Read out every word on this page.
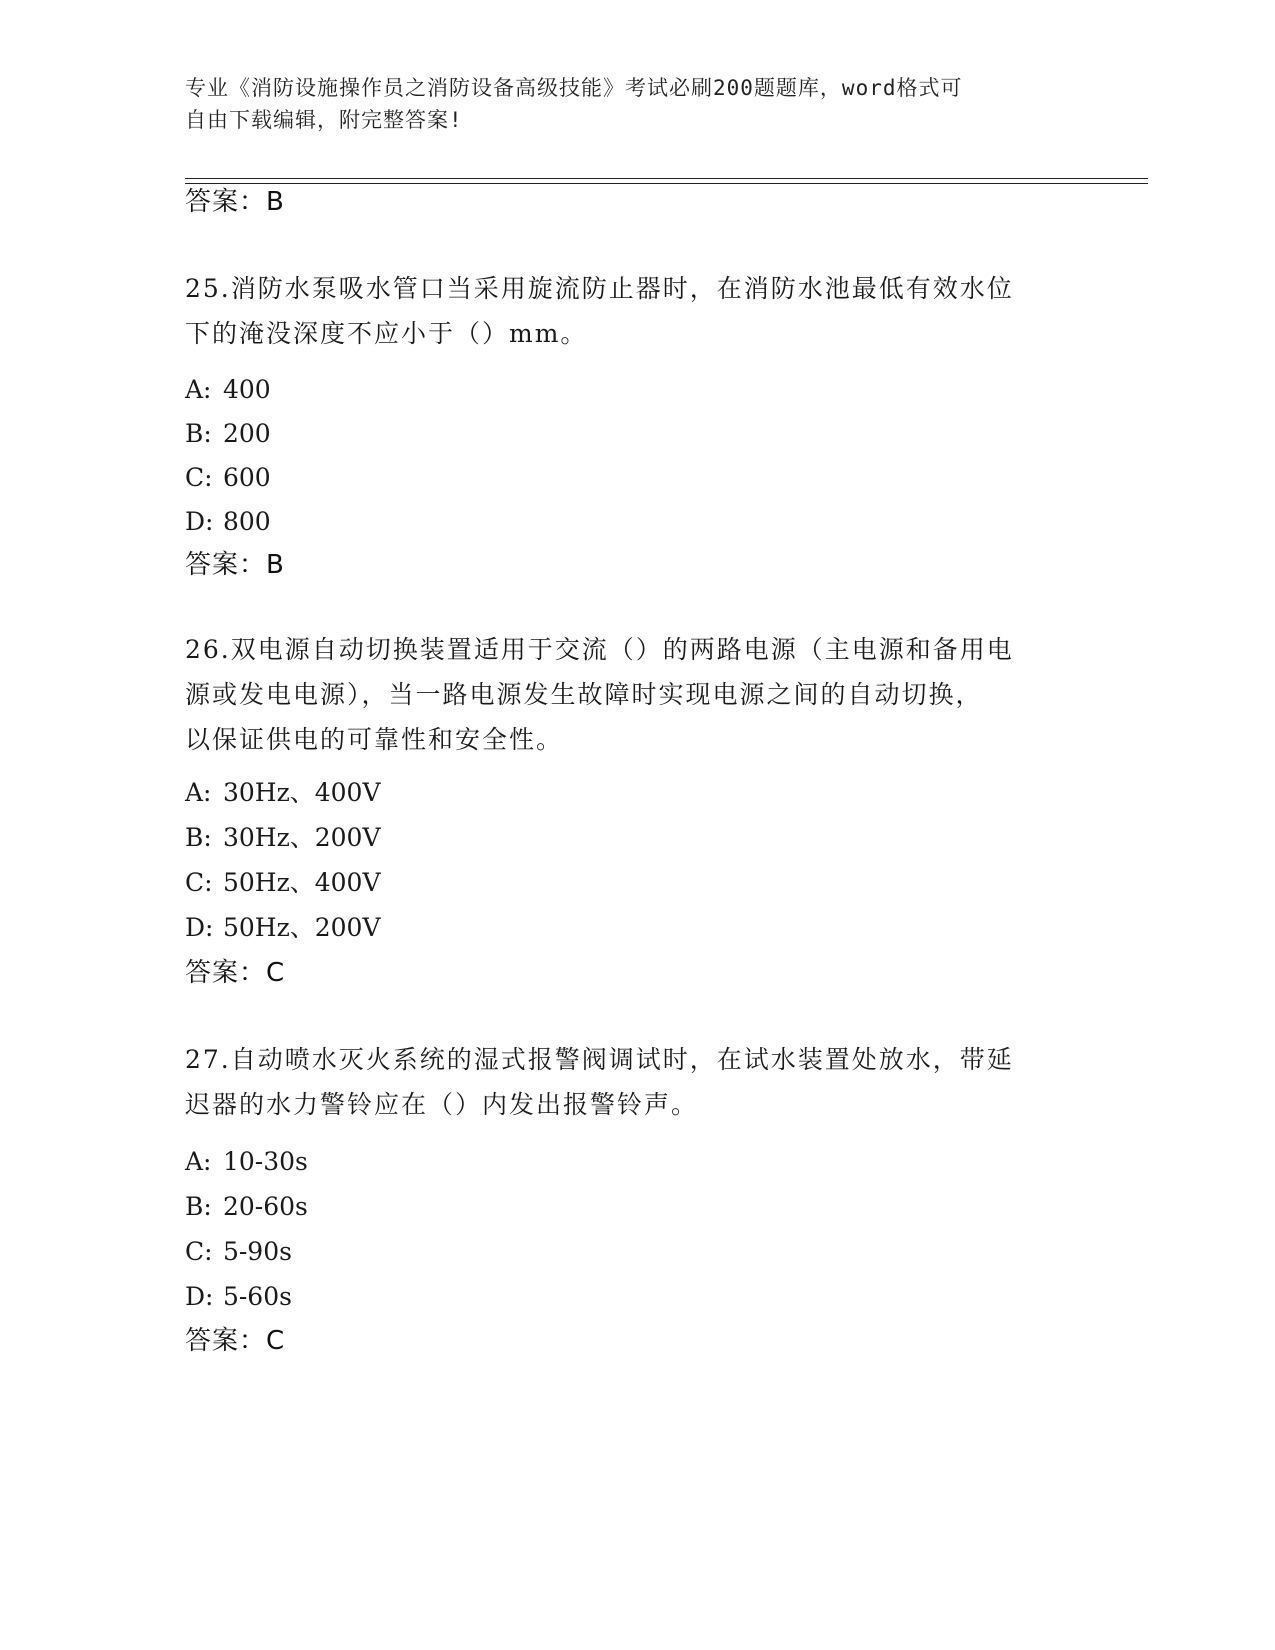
专业《消防设施操作员之消防设备高级技能》考试必刷200题题库，word格式可
自由下载编辑，附完整答案!
答案：B
25.消防水泵吸水管口当采用旋流防止器时，在消防水池最低有效水位
下的淹没深度不应小于（）mm。
A: 400
B: 200
C: 600
D: 800
答案：B
26.双电源自动切换装置适用于交流（）的两路电源（主电源和备用电
源或发电电源），当一路电源发生故障时实现电源之间的自动切换，
以保证供电的可靠性和安全性。
A: 30Hz、400V
B: 30Hz、200V
C: 50Hz、400V
D: 50Hz、200V
答案：C
27.自动喷水灭火系统的湿式报警阀调试时，在试水装置处放水，带延
迟器的水力警铃应在（）内发出报警铃声。
A: 10-30s
B: 20-60s
C: 5-90s
D: 5-60s
答案：C
